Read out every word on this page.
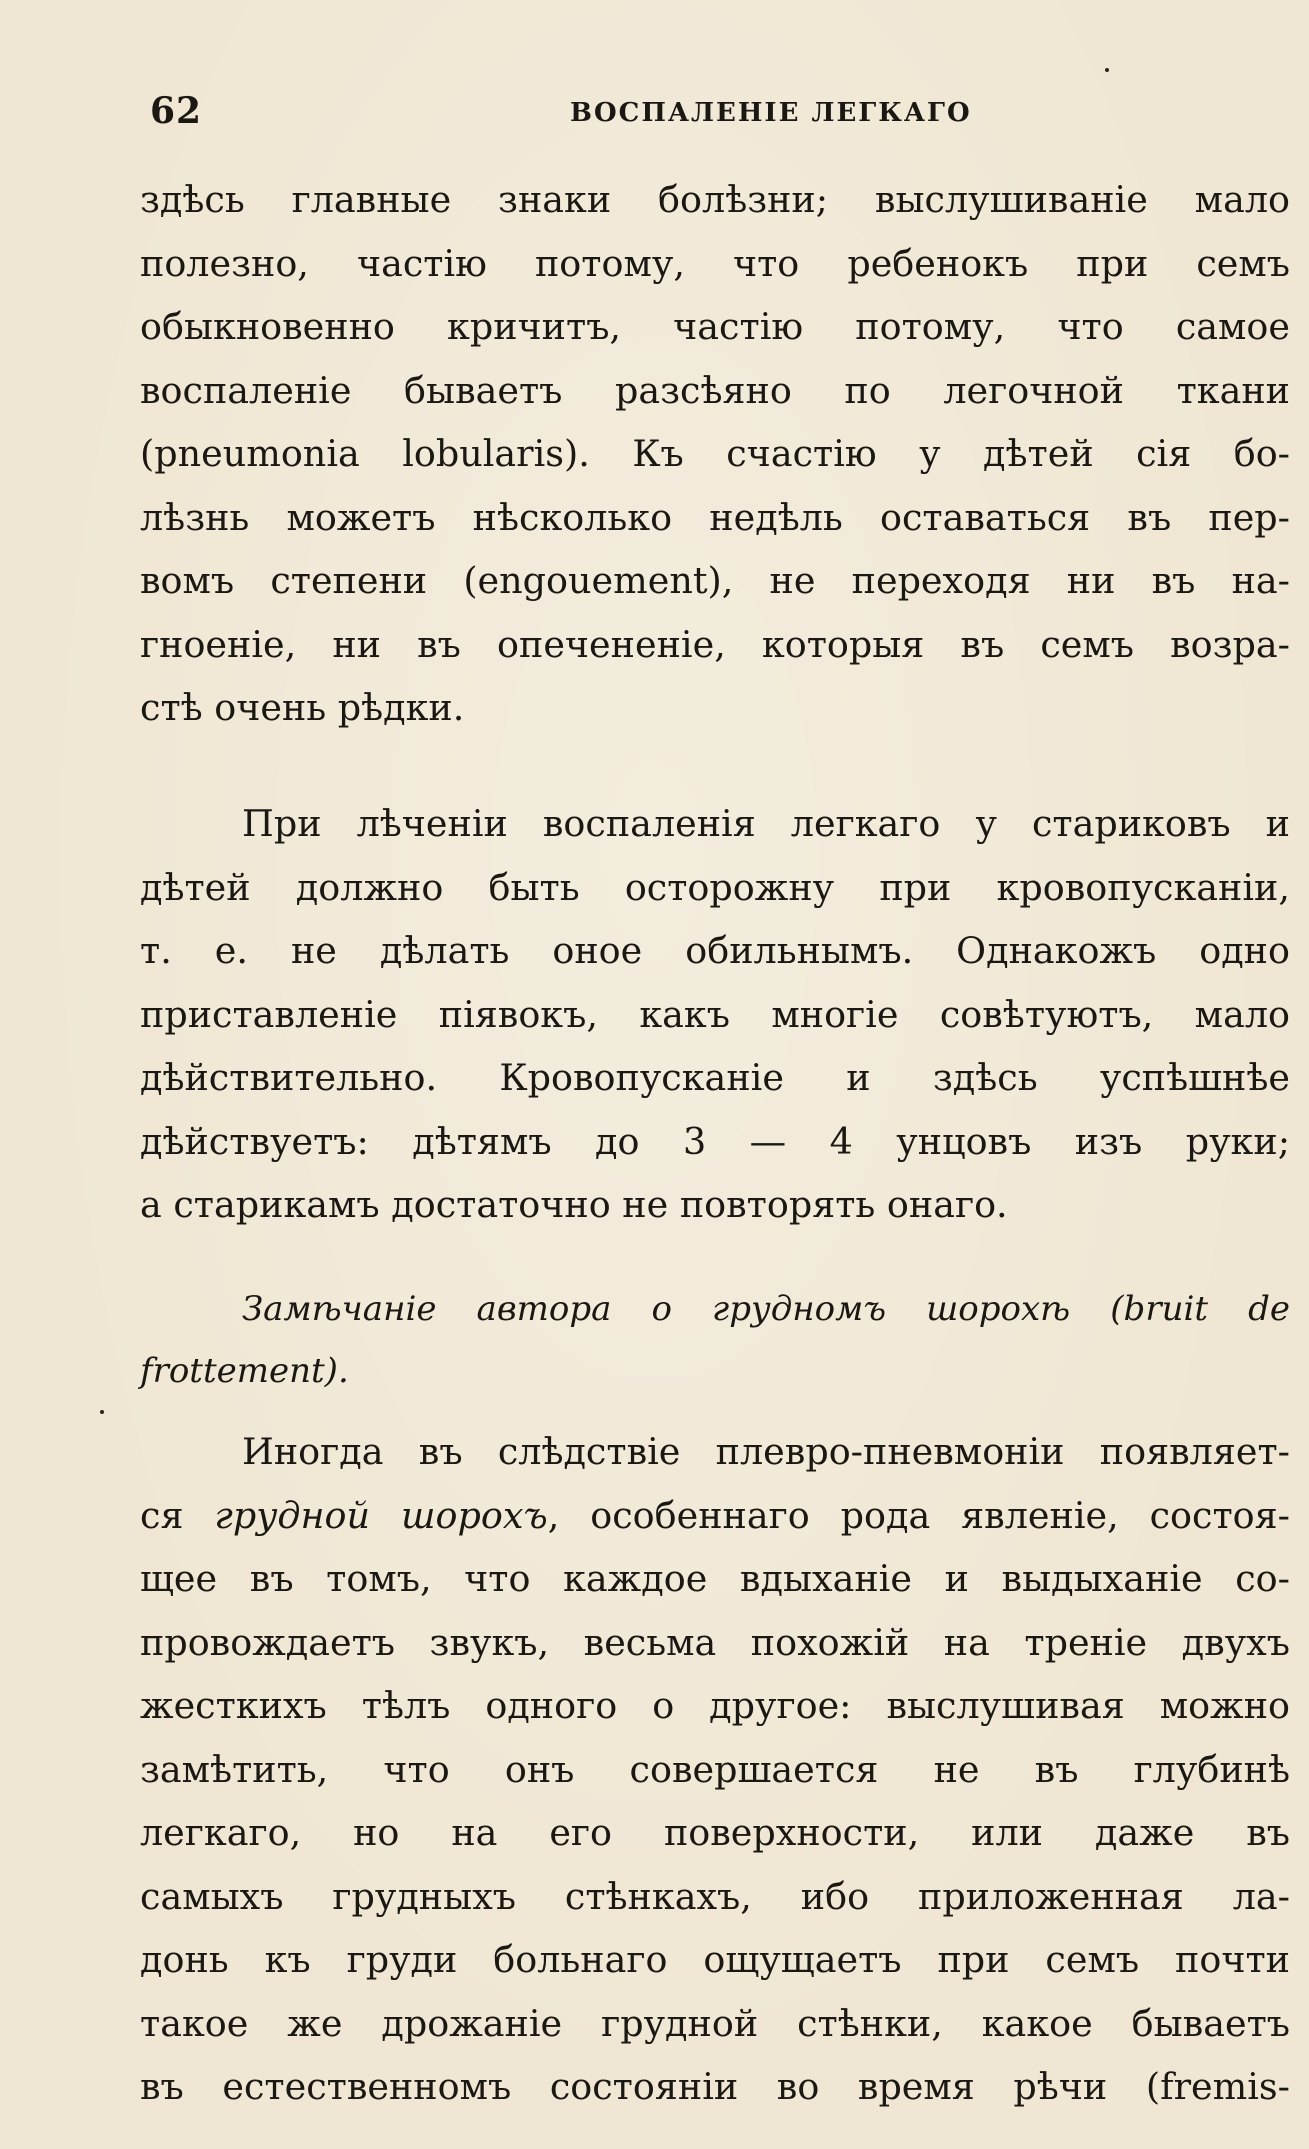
62	ВОСПАЛЕНIЕ ЛЕГКАГО
здѣсь главные знаки болѣзни; выслушиванiе мало
полезно, частiю потому, что ребенокъ при семъ
обыкновенно кричитъ, частiю потому, что самое
воспаленiе бываетъ разсѣяно по легочной ткани
(pneumonia lobularis). Къ счастiю у дѣтей сiя бо-
лѣзнь можетъ нѣсколько недѣль оставаться въ пер-
вомъ степени (engouement), не переходя ни въ на-
гноенiе, ни въ опечененiе, которыя въ семъ возра-
стѣ очень рѣдки.
При лѣченiи воспаленiя легкаго у стариковъ и
дѣтей должно быть осторожну при кровопусканiи,
т. е. не дѣлать оное обильнымъ. Однакожъ одно
приставленiе пiявокъ, какъ многiе совѣтуютъ, мало
дѣйствительно. Кровопусканiе и здѣсь успѣшнѣе
дѣйствуетъ: дѣтямъ до 3 — 4 унцовъ изъ руки;
а старикамъ достаточно не повторять онаго.
Замѣчанiе автора о грудномъ шорохѣ (bruit de
frottement).
Иногда въ слѣдствiе плевро-пневмонiи появляет-
ся грудной шорохъ, особеннаго рода явленiе, состоя-
щее въ томъ, что каждое вдыханiе и выдыханiе со-
провождаетъ звукъ, весьма похожiй на тренiе двухъ
жесткихъ тѣлъ одного о другое: выслушивая можно
замѣтить, что онъ совершается не въ глубинѣ
легкаго, но на его поверхности, или даже въ
самыхъ грудныхъ стѣнкахъ, ибо приложенная ла-
донь къ груди больнаго ощущаетъ при семъ почти
такое же дрожанiе грудной стѣнки, какое бываетъ
въ естественномъ состоянiи во время рѣчи (fremis-
